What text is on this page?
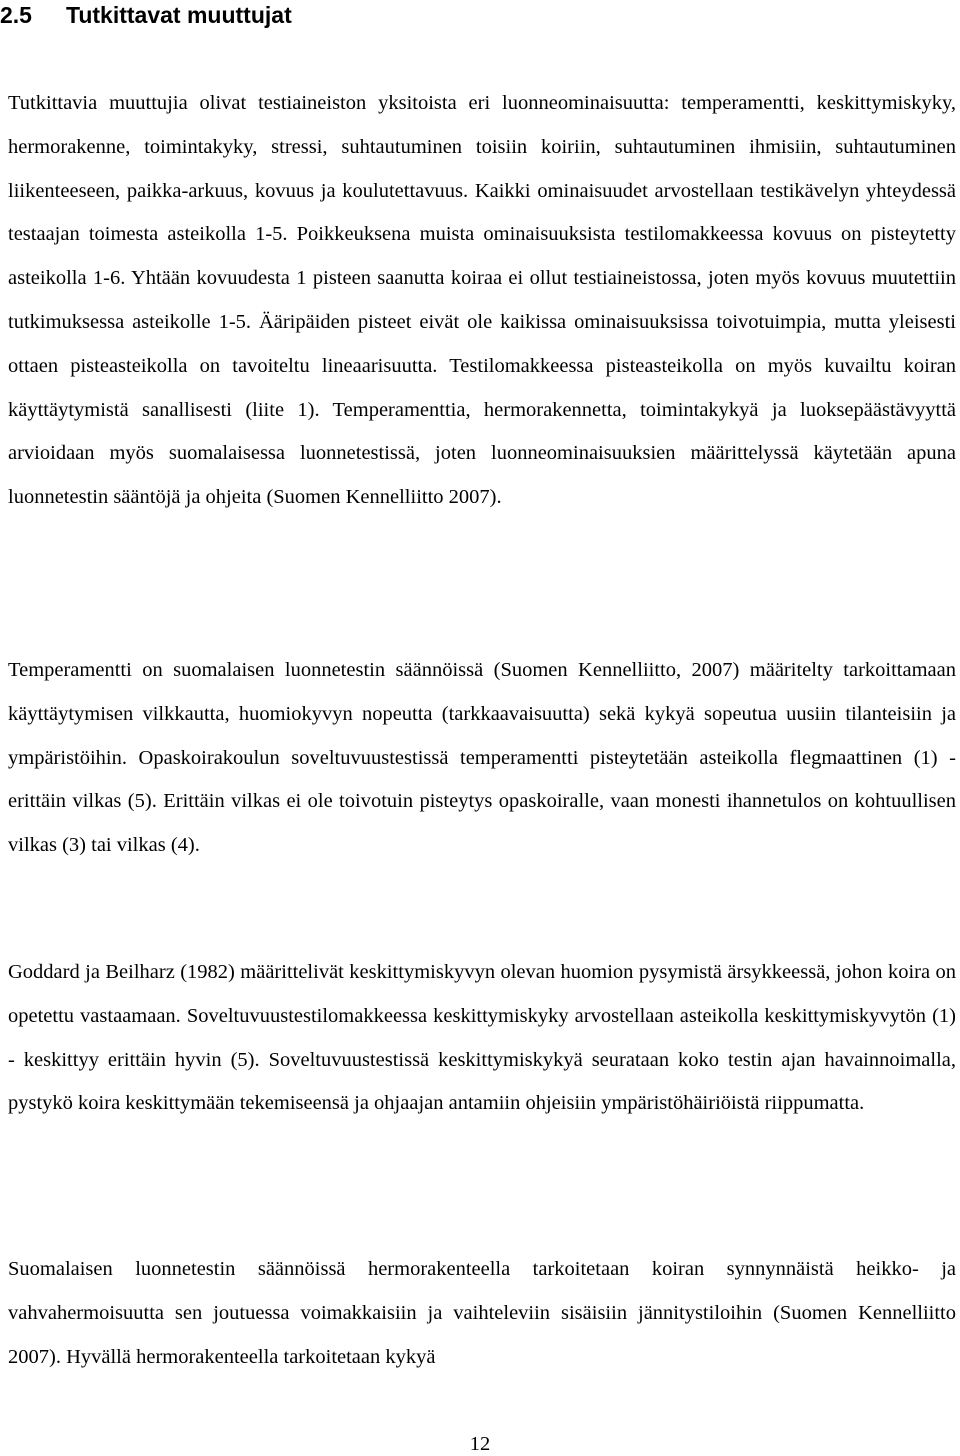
2.5 Tutkittavat muuttujat

Tutkittavia muuttujia olivat testiaineiston yksitoista eri luonneominaisuutta: temperamentti, keskittymiskyky, hermorakenne, toimintakyky, stressi, suhtautuminen toisiin koiriin, suhtautuminen ihmisiin, suhtautuminen liikenteeseen, paikka-arkuus, kovuus ja koulutettavuus. Kaikki ominaisuudet arvostellaan testikävelyn yhteydessä testaajan toimesta asteikolla 1-5. Poikkeuksena muista ominaisuuksista testilomakkeessa kovuus on pisteytetty asteikolla 1-6. Yhtään kovuudesta 1 pisteen saanutta koiraa ei ollut testiaineistossa, joten myös kovuus muutettiin tutkimuksessa asteikolle 1-5. Ääripäiden pisteet eivät ole kaikissa ominaisuuksissa toivotuimpia, mutta yleisesti ottaen pisteasteikolla on tavoiteltu lineaarisuutta. Testilomakkeessa pisteasteikolla on myös kuvailtu koiran käyttäytymistä sanallisesti (liite 1). Temperamenttia, hermorakennetta, toimintakykyä ja luoksepäästävyyttä arvioidaan myös suomalaisessa luonnetestissä, joten luonneominaisuuksien määrittelyssä käytetään apuna luonnetestin sääntöjä ja ohjeita (Suomen Kennelliitto 2007).

Temperamentti on suomalaisen luonnetestin säännöissä (Suomen Kennelliitto, 2007) määritelty tarkoittamaan käyttäytymisen vilkkautta, huomiokyvyn nopeutta (tarkkaavaisuutta) sekä kykyä sopeutua uusiin tilanteisiin ja ympäristöihin. Opaskoirakoulun soveltuvuustestissä temperamentti pisteytetään asteikolla flegmaattinen (1) - erittäin vilkas (5). Erittäin vilkas ei ole toivotuin pisteytys opaskoiralle, vaan monesti ihannetulos on kohtuullisen vilkas (3) tai vilkas (4).

Goddard ja Beilharz (1982) määrittelivät keskittymiskyvyn olevan huomion pysymistä ärsykkeessä, johon koira on opetettu vastaamaan. Soveltuvuustestilomakkeessa keskittymiskyky arvostellaan asteikolla keskittymiskyvytön (1) - keskittyy erittäin hyvin (5). Soveltuvuustestissä keskittymiskykyä seurataan koko testin ajan havainnoimalla, pystykö koira keskittymään tekemiseensä ja ohjaajan antamiin ohjeisiin ympäristöhäiriöistä riippumatta.

Suomalaisen luonnetestin säännöissä hermorakenteella tarkoitetaan koiran synnynnäistä heikko- ja vahvahermoisuutta sen joutuessa voimakkaisiin ja vaihteleviin sisäisiin jännitystiloihin (Suomen Kennelliitto 2007). Hyvällä hermorakenteella tarkoitetaan kykyä

12
